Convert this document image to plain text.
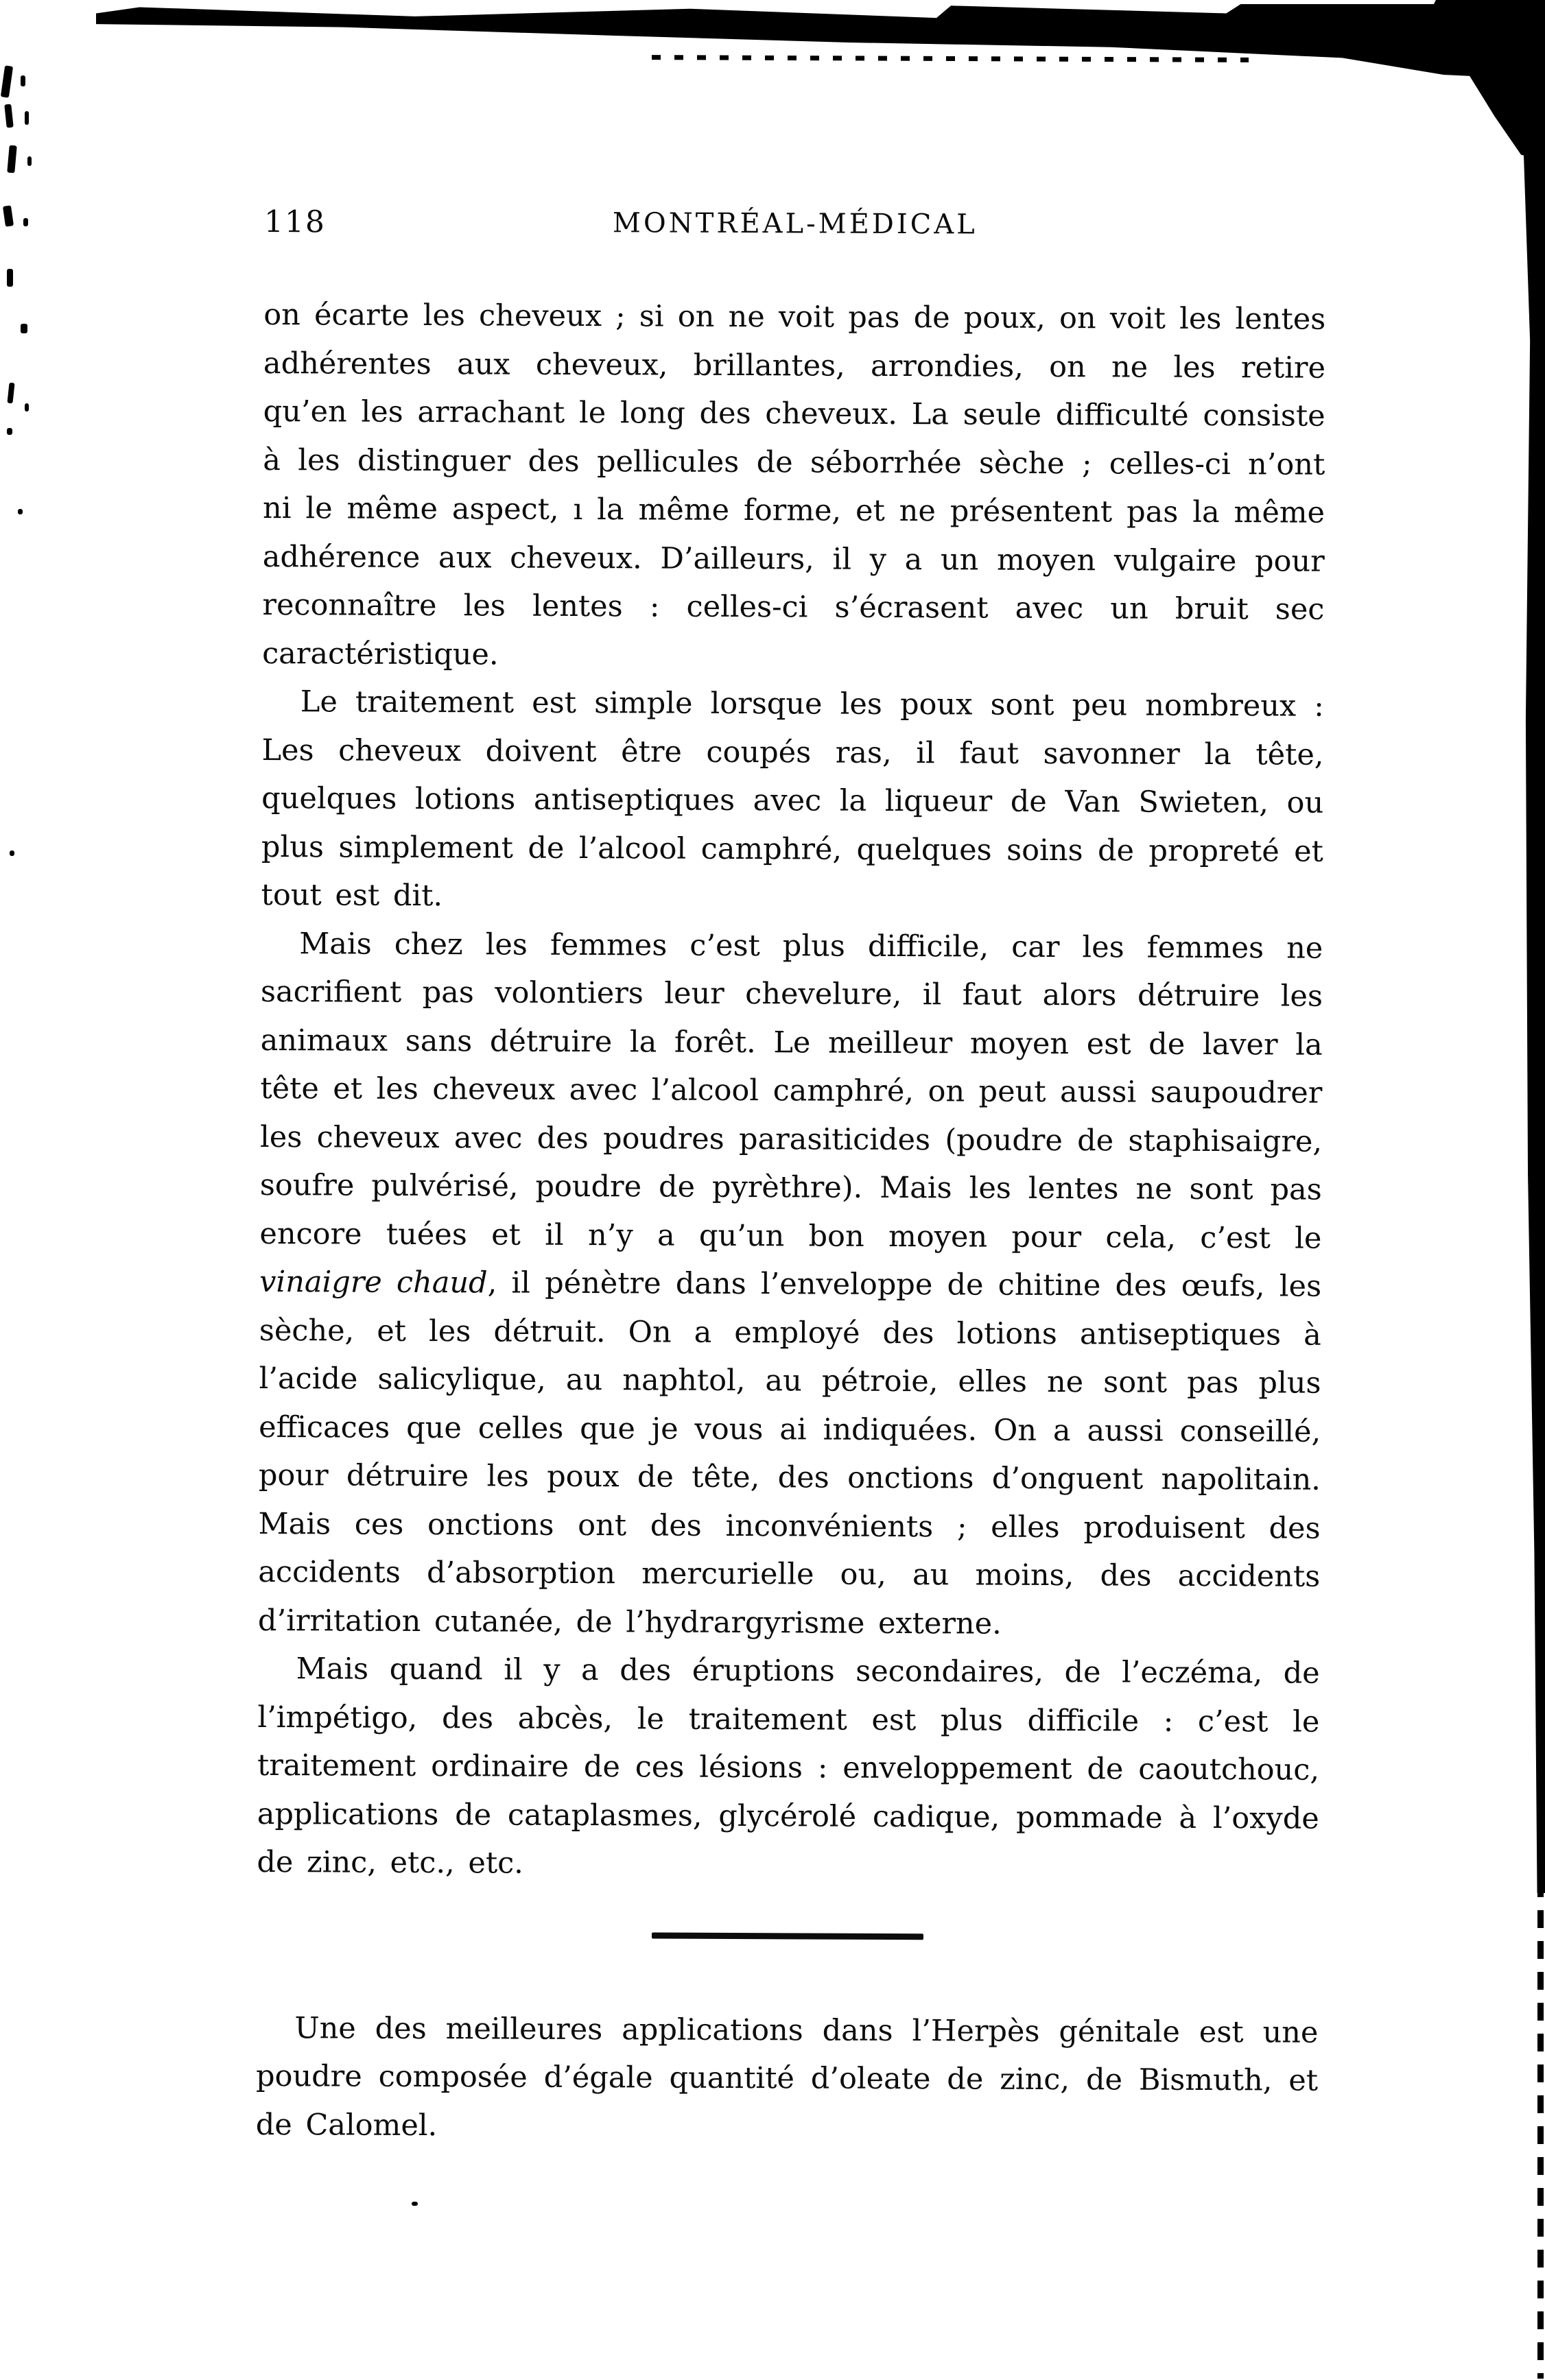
118	MONTRÉAL-MÉDICAL

on écarte les cheveux ; si on ne voit pas de poux, on voit les lentes adhérentes aux cheveux, brillantes, arrondies, on ne les retire qu’en les arrachant le long des cheveux. La seule difficulté consiste à les distinguer des pellicules de séborrhée sèche ; celles-ci n’ont ni le même aspect, ı la même forme, et ne présentent pas la même adhérence aux cheveux. D’ailleurs, il y a un moyen vulgaire pour reconnaître les lentes : celles-ci s’écrasent avec un bruit sec caractéristique.

Le traitement est simple lorsque les poux sont peu nombreux : Les cheveux doivent être coupés ras, il faut savonner la tête, quelques lotions antiseptiques avec la liqueur de Van Swieten, ou plus simplement de l’alcool camphré, quelques soins de propreté et tout est dit.

Mais chez les femmes c’est plus difficile, car les femmes ne sacrifient pas volontiers leur chevelure, il faut alors détruire les animaux sans détruire la forêt. Le meilleur moyen est de laver la tête et les cheveux avec l’alcool camphré, on peut aussi saupoudrer les cheveux avec des poudres parasiticides (poudre de staphisaigre, soufre pulvérisé, poudre de pyrèthre). Mais les lentes ne sont pas encore tuées et il n’y a qu’un bon moyen pour cela, c’est le vinaigre chaud, il pénètre dans l’enveloppe de chitine des œufs, les sèche, et les détruit. On a employé des lotions antiseptiques à l’acide salicylique, au naphtol, au pétroie, elles ne sont pas plus efficaces que celles que je vous ai indiquées. On a aussi conseillé, pour détruire les poux de tête, des onctions d’onguent napolitain. Mais ces onctions ont des inconvénients ; elles produisent des accidents d’absorption mercurielle ou, au moins, des accidents d’irritation cutanée, de l’hydrargyrisme externe.

Mais quand il y a des éruptions secondaires, de l’eczéma, de l’impétigo, des abcès, le traitement est plus difficile : c’est le traitement ordinaire de ces lésions : enveloppement de caoutchouc, applications de cataplasmes, glycérolé cadique, pommade à l’oxyde de zinc, etc., etc.

Une des meilleures applications dans l’Herpès génitale est une poudre composée d’égale quantité d’oleate de zinc, de Bismuth, et de Calomel.
